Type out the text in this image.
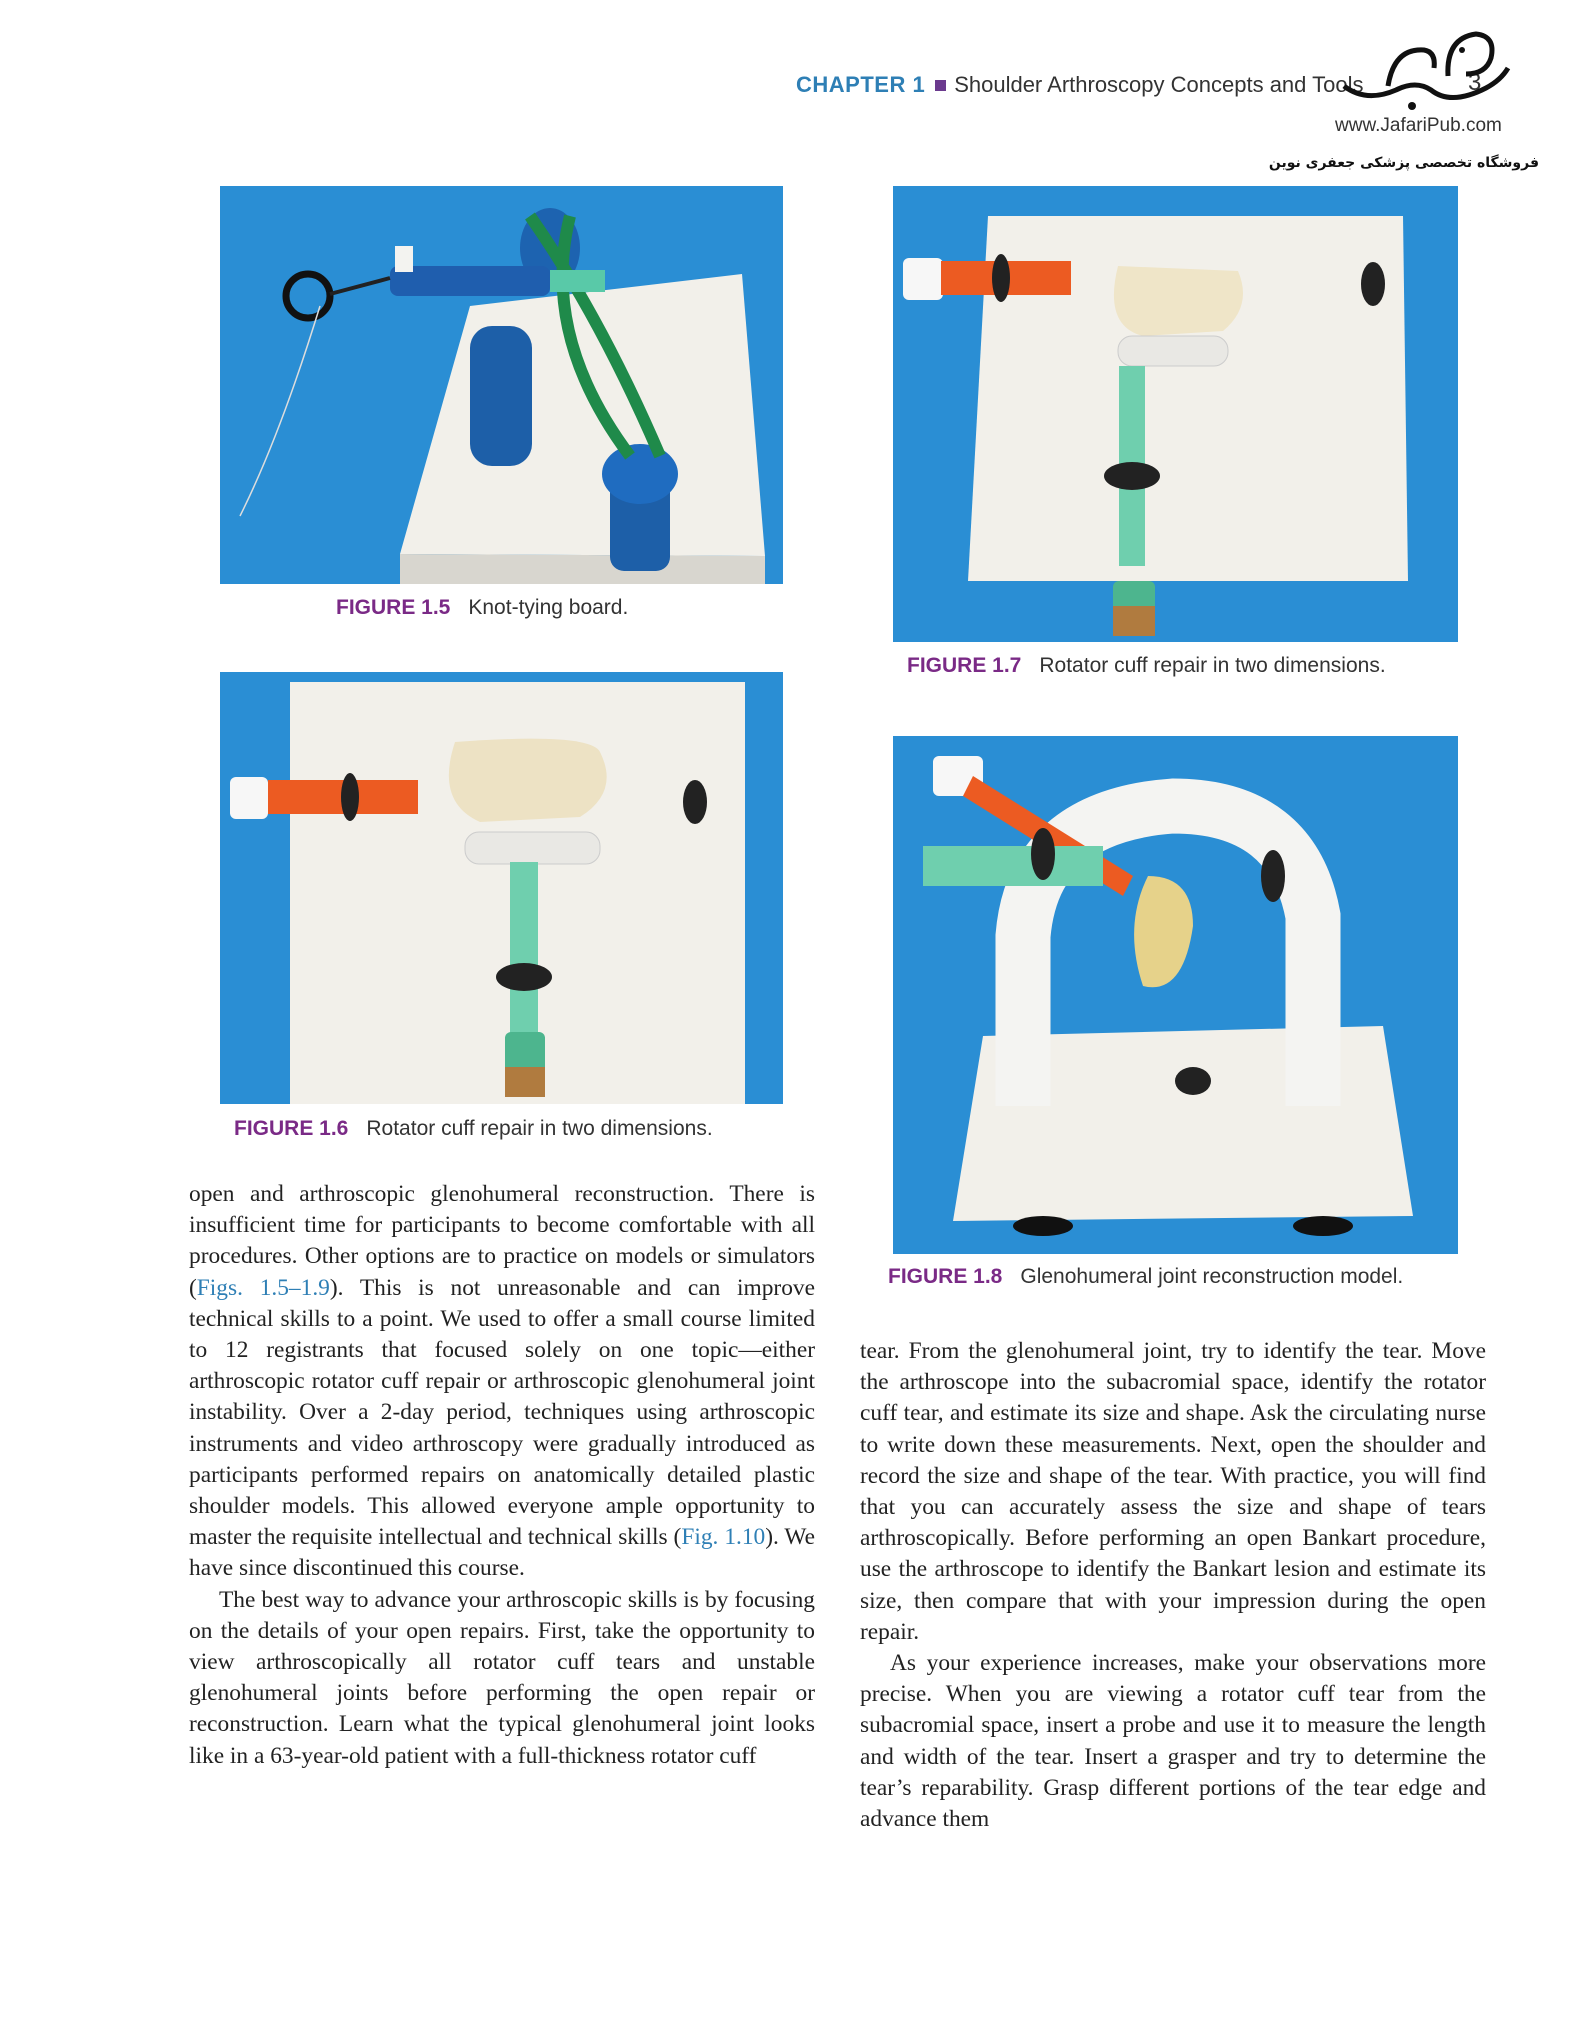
CHAPTER 1 Shoulder Arthroscopy Concepts and Tools	3
www.JafariPub.com
فروشگاه تخصصی پزشکی جعفری نوین
FIGURE 1.5 Knot-tying board.
FIGURE 1.6 Rotator cuff repair in two dimensions.
FIGURE 1.7 Rotator cuff repair in two dimensions.
FIGURE 1.8 Glenohumeral joint reconstruction model.

open and arthroscopic glenohumeral reconstruction. There is insufficient time for participants to become comfortable with all procedures. Other options are to practice on models or simulators (Figs. 1.5–1.9). This is not unreasonable and can improve technical skills to a point. We used to offer a small course limited to 12 registrants that focused solely on one topic—either arthroscopic rotator cuff repair or arthroscopic glenohumeral joint instability. Over a 2-day period, techniques using arthroscopic instruments and video arthroscopy were gradually introduced as participants performed repairs on anatomically detailed plastic shoulder models. This allowed everyone ample opportunity to master the requisite intellectual and technical skills (Fig. 1.10). We have since discontinued this course.

The best way to advance your arthroscopic skills is by focusing on the details of your open repairs. First, take the opportunity to view arthroscopically all rotator cuff tears and unstable glenohumeral joints before performing the open repair or reconstruction. Learn what the typical glenohumeral joint looks like in a 63-year-old patient with a full-thickness rotator cuff

tear. From the glenohumeral joint, try to identify the tear. Move the arthroscope into the subacromial space, identify the rotator cuff tear, and estimate its size and shape. Ask the circulating nurse to write down these measurements. Next, open the shoulder and record the size and shape of the tear. With practice, you will find that you can accurately assess the size and shape of tears arthroscopically. Before performing an open Bankart procedure, use the arthroscope to identify the Bankart lesion and estimate its size, then compare that with your impression during the open repair.

As your experience increases, make your observations more precise. When you are viewing a rotator cuff tear from the subacromial space, insert a probe and use it to measure the length and width of the tear. Insert a grasper and try to determine the tear’s reparability. Grasp different portions of the tear edge and advance them
